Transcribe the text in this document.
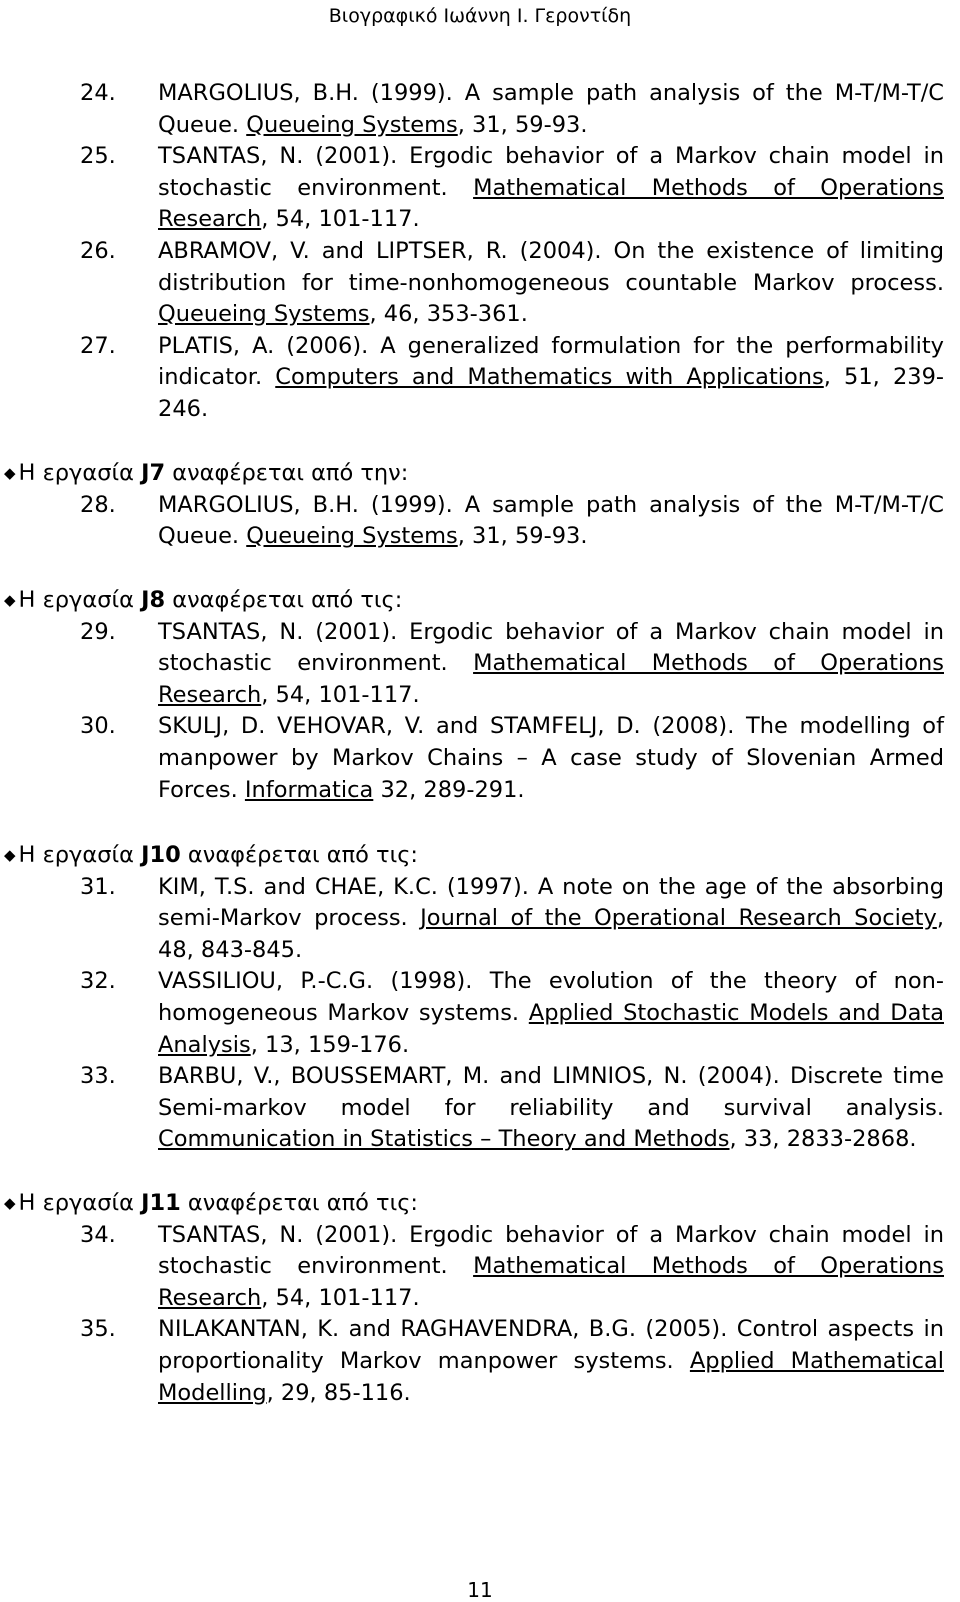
Βιογραφικό Ιωάννη Ι. Γεροντίδη
24.	MARGOLIUS, B.H. (1999). A sample path analysis of the M-T/M-T/C Queue. Queueing Systems, 31, 59-93.
25.	TSANTAS, N. (2001). Ergodic behavior of a Markov chain model in stochastic environment. Mathematical Methods of Operations Research, 54, 101-117.
26.	ABRAMOV, V. and LIPTSER, R. (2004). On the existence of limiting distribution for time-nonhomogeneous countable Markov process. Queueing Systems, 46, 353-361.
27.	PLATIS, A. (2006). A generalized formulation for the performability indicator. Computers and Mathematics with Applications, 51, 239-246.
◆ Η εργασία J7 αναφέρεται από την:
28.	MARGOLIUS, B.H. (1999). A sample path analysis of the M-T/M-T/C Queue. Queueing Systems, 31, 59-93.
◆ Η εργασία J8 αναφέρεται από τις:
29.	TSANTAS, N. (2001). Ergodic behavior of a Markov chain model in stochastic environment. Mathematical Methods of Operations Research, 54, 101-117.
30.	SKULJ, D. VEHOVAR, V. and STAMFELJ, D. (2008). The modelling of manpower by Markov Chains – A case study of Slovenian Armed Forces. Informatica 32, 289-291.
◆ Η εργασία J10 αναφέρεται από τις:
31.	KIM, T.S. and CHAE, K.C. (1997). A note on the age of the absorbing semi-Markov process. Journal of the Operational Research Society, 48, 843-845.
32.	VASSILIOU, P.-C.G. (1998). The evolution of the theory of non-homogeneous Markov systems. Applied Stochastic Models and Data Analysis, 13, 159-176.
33.	BARBU, V., BOUSSEMART, M. and LIMNIOS, N. (2004). Discrete time Semi-markov model for reliability and survival analysis. Communication in Statistics – Theory and Methods, 33, 2833-2868.
◆ Η εργασία J11 αναφέρεται από τις:
34.	TSANTAS, N. (2001). Ergodic behavior of a Markov chain model in stochastic environment. Mathematical Methods of Operations Research, 54, 101-117.
35.	NILAKANTAN, K. and RAGHAVENDRA, B.G. (2005). Control aspects in proportionality Markov manpower systems. Applied Mathematical Modelling, 29, 85-116.
11
